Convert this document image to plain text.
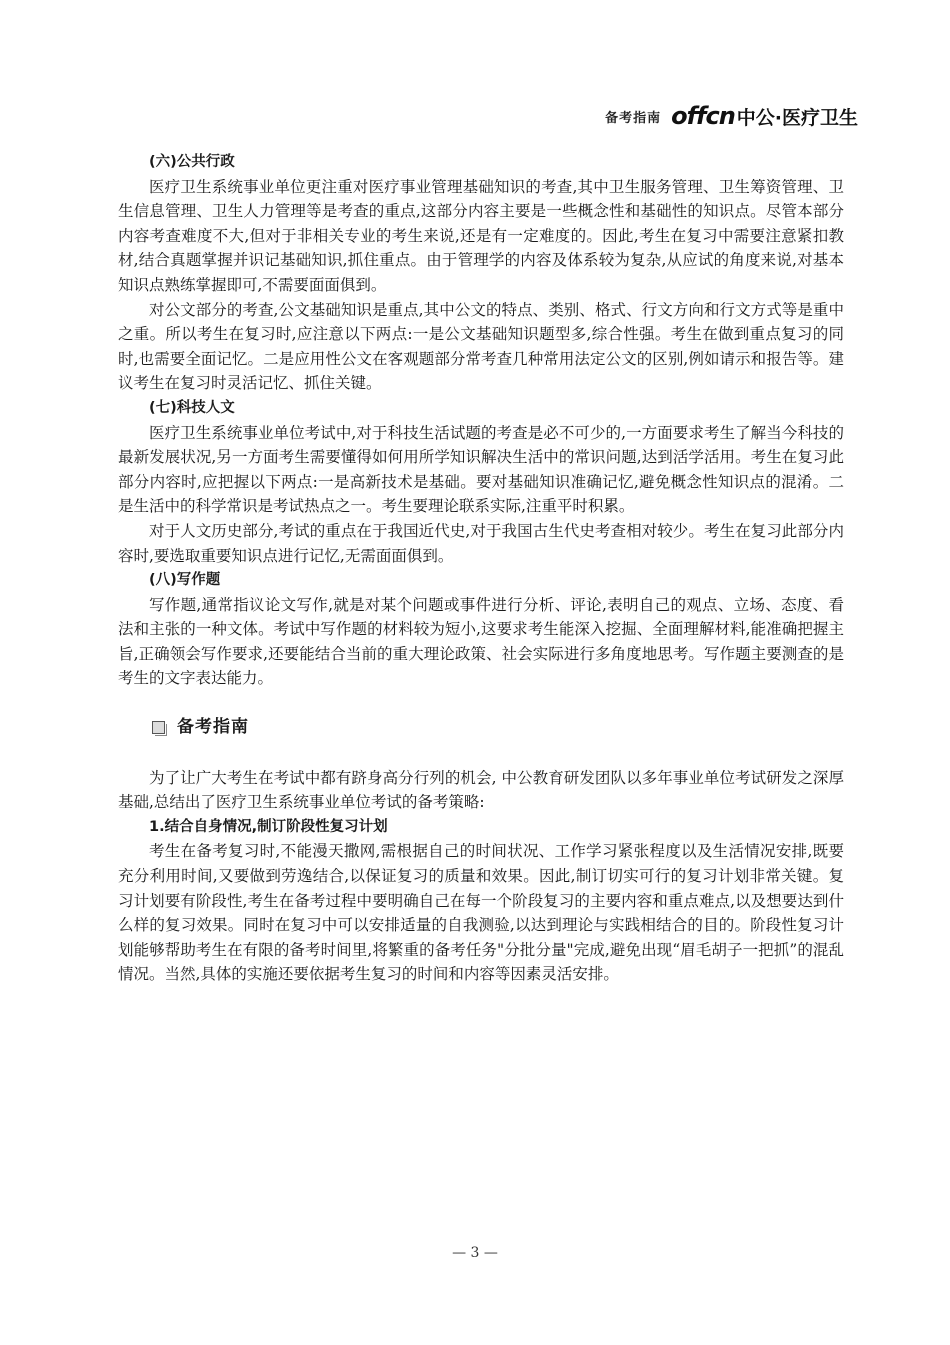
备考指南 offcn 中公·医疗卫生
(六)公共行政

医疗卫生系统事业单位更注重对医疗事业管理基础知识的考查,其中卫生服务管理、卫生筹资管理、卫生信息管理、卫生人力管理等是考查的重点,这部分内容主要是一些概念性和基础性的知识点。尽管本部分内容考查难度不大,但对于非相关专业的考生来说,还是有一定难度的。因此,考生在复习中需要注意紧扣教材,结合真题掌握并识记基础知识,抓住重点。由于管理学的内容及体系较为复杂,从应试的角度来说,对基本知识点熟练掌握即可,不需要面面俱到。

对公文部分的考查,公文基础知识是重点,其中公文的特点、类别、格式、行文方向和行文方式等是重中之重。所以考生在复习时,应注意以下两点:一是公文基础知识题型多,综合性强。考生在做到重点复习的同时,也需要全面记忆。二是应用性公文在客观题部分常考查几种常用法定公文的区别,例如请示和报告等。建议考生在复习时灵活记忆、抓住关键。

(七)科技人文

医疗卫生系统事业单位考试中,对于科技生活试题的考查是必不可少的,一方面要求考生了解当今科技的最新发展状况,另一方面考生需要懂得如何用所学知识解决生活中的常识问题,达到活学活用。考生在复习此部分内容时,应把握以下两点:一是高新技术是基础。要对基础知识准确记忆,避免概念性知识点的混淆。二是生活中的科学常识是考试热点之一。考生要理论联系实际,注重平时积累。

对于人文历史部分,考试的重点在于我国近代史,对于我国古生代史考查相对较少。考生在复习此部分内容时,要选取重要知识点进行记忆,无需面面俱到。

(八)写作题

写作题,通常指议论文写作,就是对某个问题或事件进行分析、评论,表明自己的观点、立场、态度、看法和主张的一种文体。考试中写作题的材料较为短小,这要求考生能深入挖掘、全面理解材料,能准确把握主旨,正确领会写作要求,还要能结合当前的重大理论政策、社会实际进行多角度地思考。写作题主要测查的是考生的文字表达能力。

备考指南

为了让广大考生在考试中都有跻身高分行列的机会, 中公教育研发团队以多年事业单位考试研发之深厚基础,总结出了医疗卫生系统事业单位考试的备考策略:

1.结合自身情况,制订阶段性复习计划

考生在备考复习时,不能漫天撒网,需根据自己的时间状况、工作学习紧张程度以及生活情况安排,既要充分利用时间,又要做到劳逸结合,以保证复习的质量和效果。因此,制订切实可行的复习计划非常关键。复习计划要有阶段性,考生在备考过程中要明确自己在每一个阶段复习的主要内容和重点难点,以及想要达到什么样的复习效果。同时在复习中可以安排适量的自我测验,以达到理论与实践相结合的目的。阶段性复习计划能够帮助考生在有限的备考时间里,将繁重的备考任务"分批分量"完成,避免出现“眉毛胡子一把抓”的混乱情况。当然,具体的实施还要依据考生复习的时间和内容等因素灵活安排。

— 3 —
